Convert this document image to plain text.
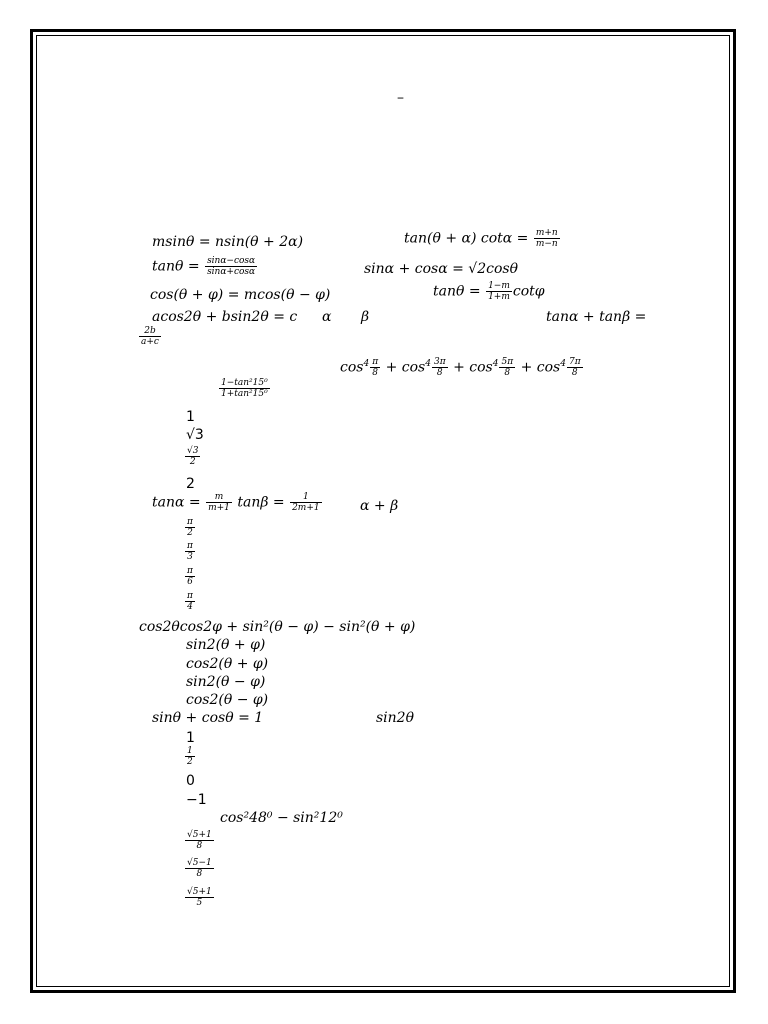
–
msinθ = nsin(θ + 2α)	tan(θ + α) $\cot\alpha = \frac{m+n}{m-n}$
$\tan\theta = \frac{\sin\alpha-\cos\alpha}{\sin\alpha+\cos\alpha}$	sinα + cosα = √2cosθ
cos(θ + φ) = mcos(θ − φ)	$\tan\theta = \frac{1-m}{1+m}$ cotφ
acos2θ + bsin2θ = c α β	tanα + tanβ =
$\frac{2b}{a+c}$
$\cos^4 \frac{\pi}{8} + \cos^4 \frac{3\pi}{8} + \cos^4 \frac{5\pi}{8} + \cos^4 \frac{7\pi}{8}$
$\frac{\text{1−tan²15⁰}}{\text{1+tan²15⁰}}$
1
√3
$\frac{√3}{2}$
2
$\tan\alpha = \frac{m}{m+1}$ $\tan\beta = \frac{1}{2m+1}$	α + β
$\frac{\pi}{2}$
$\frac{\pi}{3}$
$\frac{\pi}{6}$
$\frac{\pi}{4}$
cos2θcos2φ + sin²(θ − φ) − sin²(θ + φ)
sin2(θ + φ)
cos2(θ + φ)
sin2(θ − φ)
cos2(θ − φ)
sinθ + cosθ = 1	sin2θ
1
$\frac{1}{2}$
0
−1
cos²48⁰ − sin²12⁰
$\frac{√5+1}{8}$
$\frac{√5-1}{8}$
$\frac{√5+1}{5}$
